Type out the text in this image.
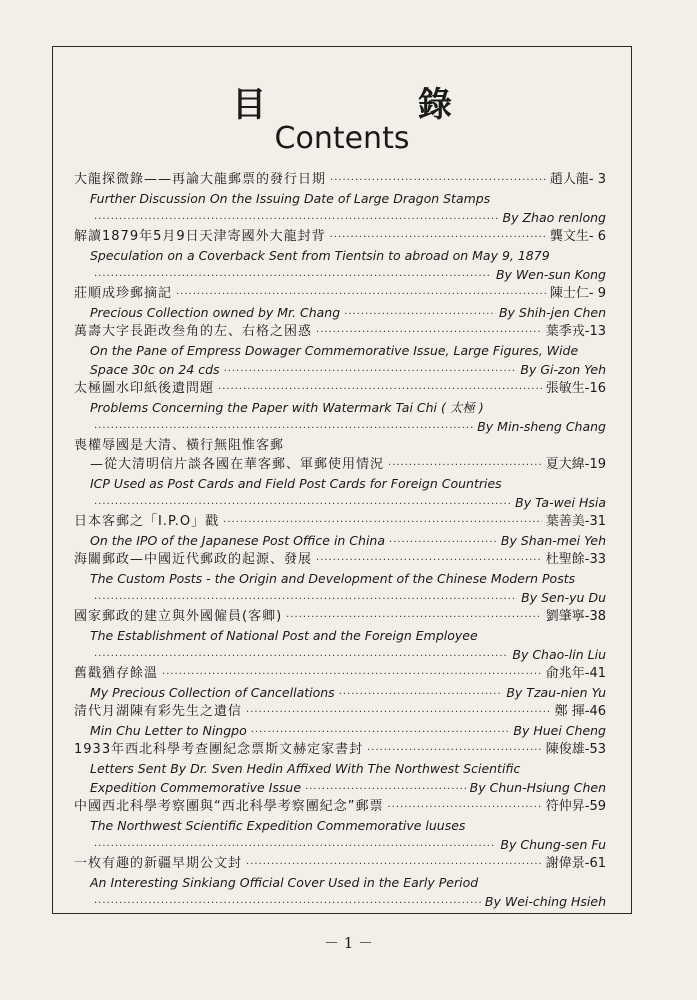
目 錄
Contents
大龍探微錄——再論大龍郵票的發行日期 ·····	趙人龍- 3
Further Discussion On the Issuing Date of Large Dragon Stamps
·····
By Zhao renlong
解讀1879年5月9日天津寄國外大龍封背 ·····	龔文生- 6
Speculation on a Coverback Sent from Tientsin to abroad on May 9, 1879
·····
By Wen-sun Kong
莊順成珍郵摘記 ·····	陳士仁- 9
Precious Collection owned by Mr. Chang ·····	By Shih-jen Chen
萬壽大字長距改叁角的左、右格之困惑 ·····	葉季戎-13
On the Pane of Empress Dowager Commemorative Issue, Large Figures, Wide
Space 30c on 24 cds ·····	By Gi-zon Yeh
太極圖水印紙後遺問題 ·····	張敏生-16
Problems Concerning the Paper with Watermark Tai Chi ( 太極 )
·····
By Min-sheng Chang
喪權辱國是大清、橫行無阻惟客郵
—從大清明信片談各國在華客郵、軍郵使用情況 ·····	夏大緯-19
ICP Used as Post Cards and Field Post Cards for Foreign Countries
·····
By Ta-wei Hsia
日本客郵之「I.P.O」戳 ·····	葉善美-31
On the IPO of the Japanese Post Office in China ·····	By Shan-mei Yeh
海關郵政—中國近代郵政的起源、發展 ·····	杜聖餘-33
The Custom Posts - the Origin and Development of the Chinese Modern Posts
·····
By Sen-yu Du
國家郵政的建立與外國僱員(客卿) ·····	劉肇寧-38
The Establishment of National Post and the Foreign Employee
·····
By Chao-lin Liu
舊戳猶存餘溫 ·····	俞兆年-41
My Precious Collection of Cancellations ·····	By Tzau-nien Yu
清代月湖陳有彩先生之遺信 ·····	鄭 揮-46
Min Chu Letter to Ningpo ·····	By Huei Cheng
1933年西北科學考查團紀念票斯文赫定家書封 ·····	陳俊雄-53
Letters Sent By Dr. Sven Hedin Affixed With The Northwest Scientific
Expedition Commemorative Issue ·····	By Chun-Hsiung Chen
中國西北科學考察團與“西北科學考察團紀念”郵票 ·····	符仲昇-59
The Northwest Scientific Expedition Commemorative luuses
·····
By Chung-sen Fu
一枚有趣的新疆早期公文封 ·····	謝偉景-61
An Interesting Sinkiang Official Cover Used in the Early Period
·····
By Wei-ching Hsieh
－ 1 －
